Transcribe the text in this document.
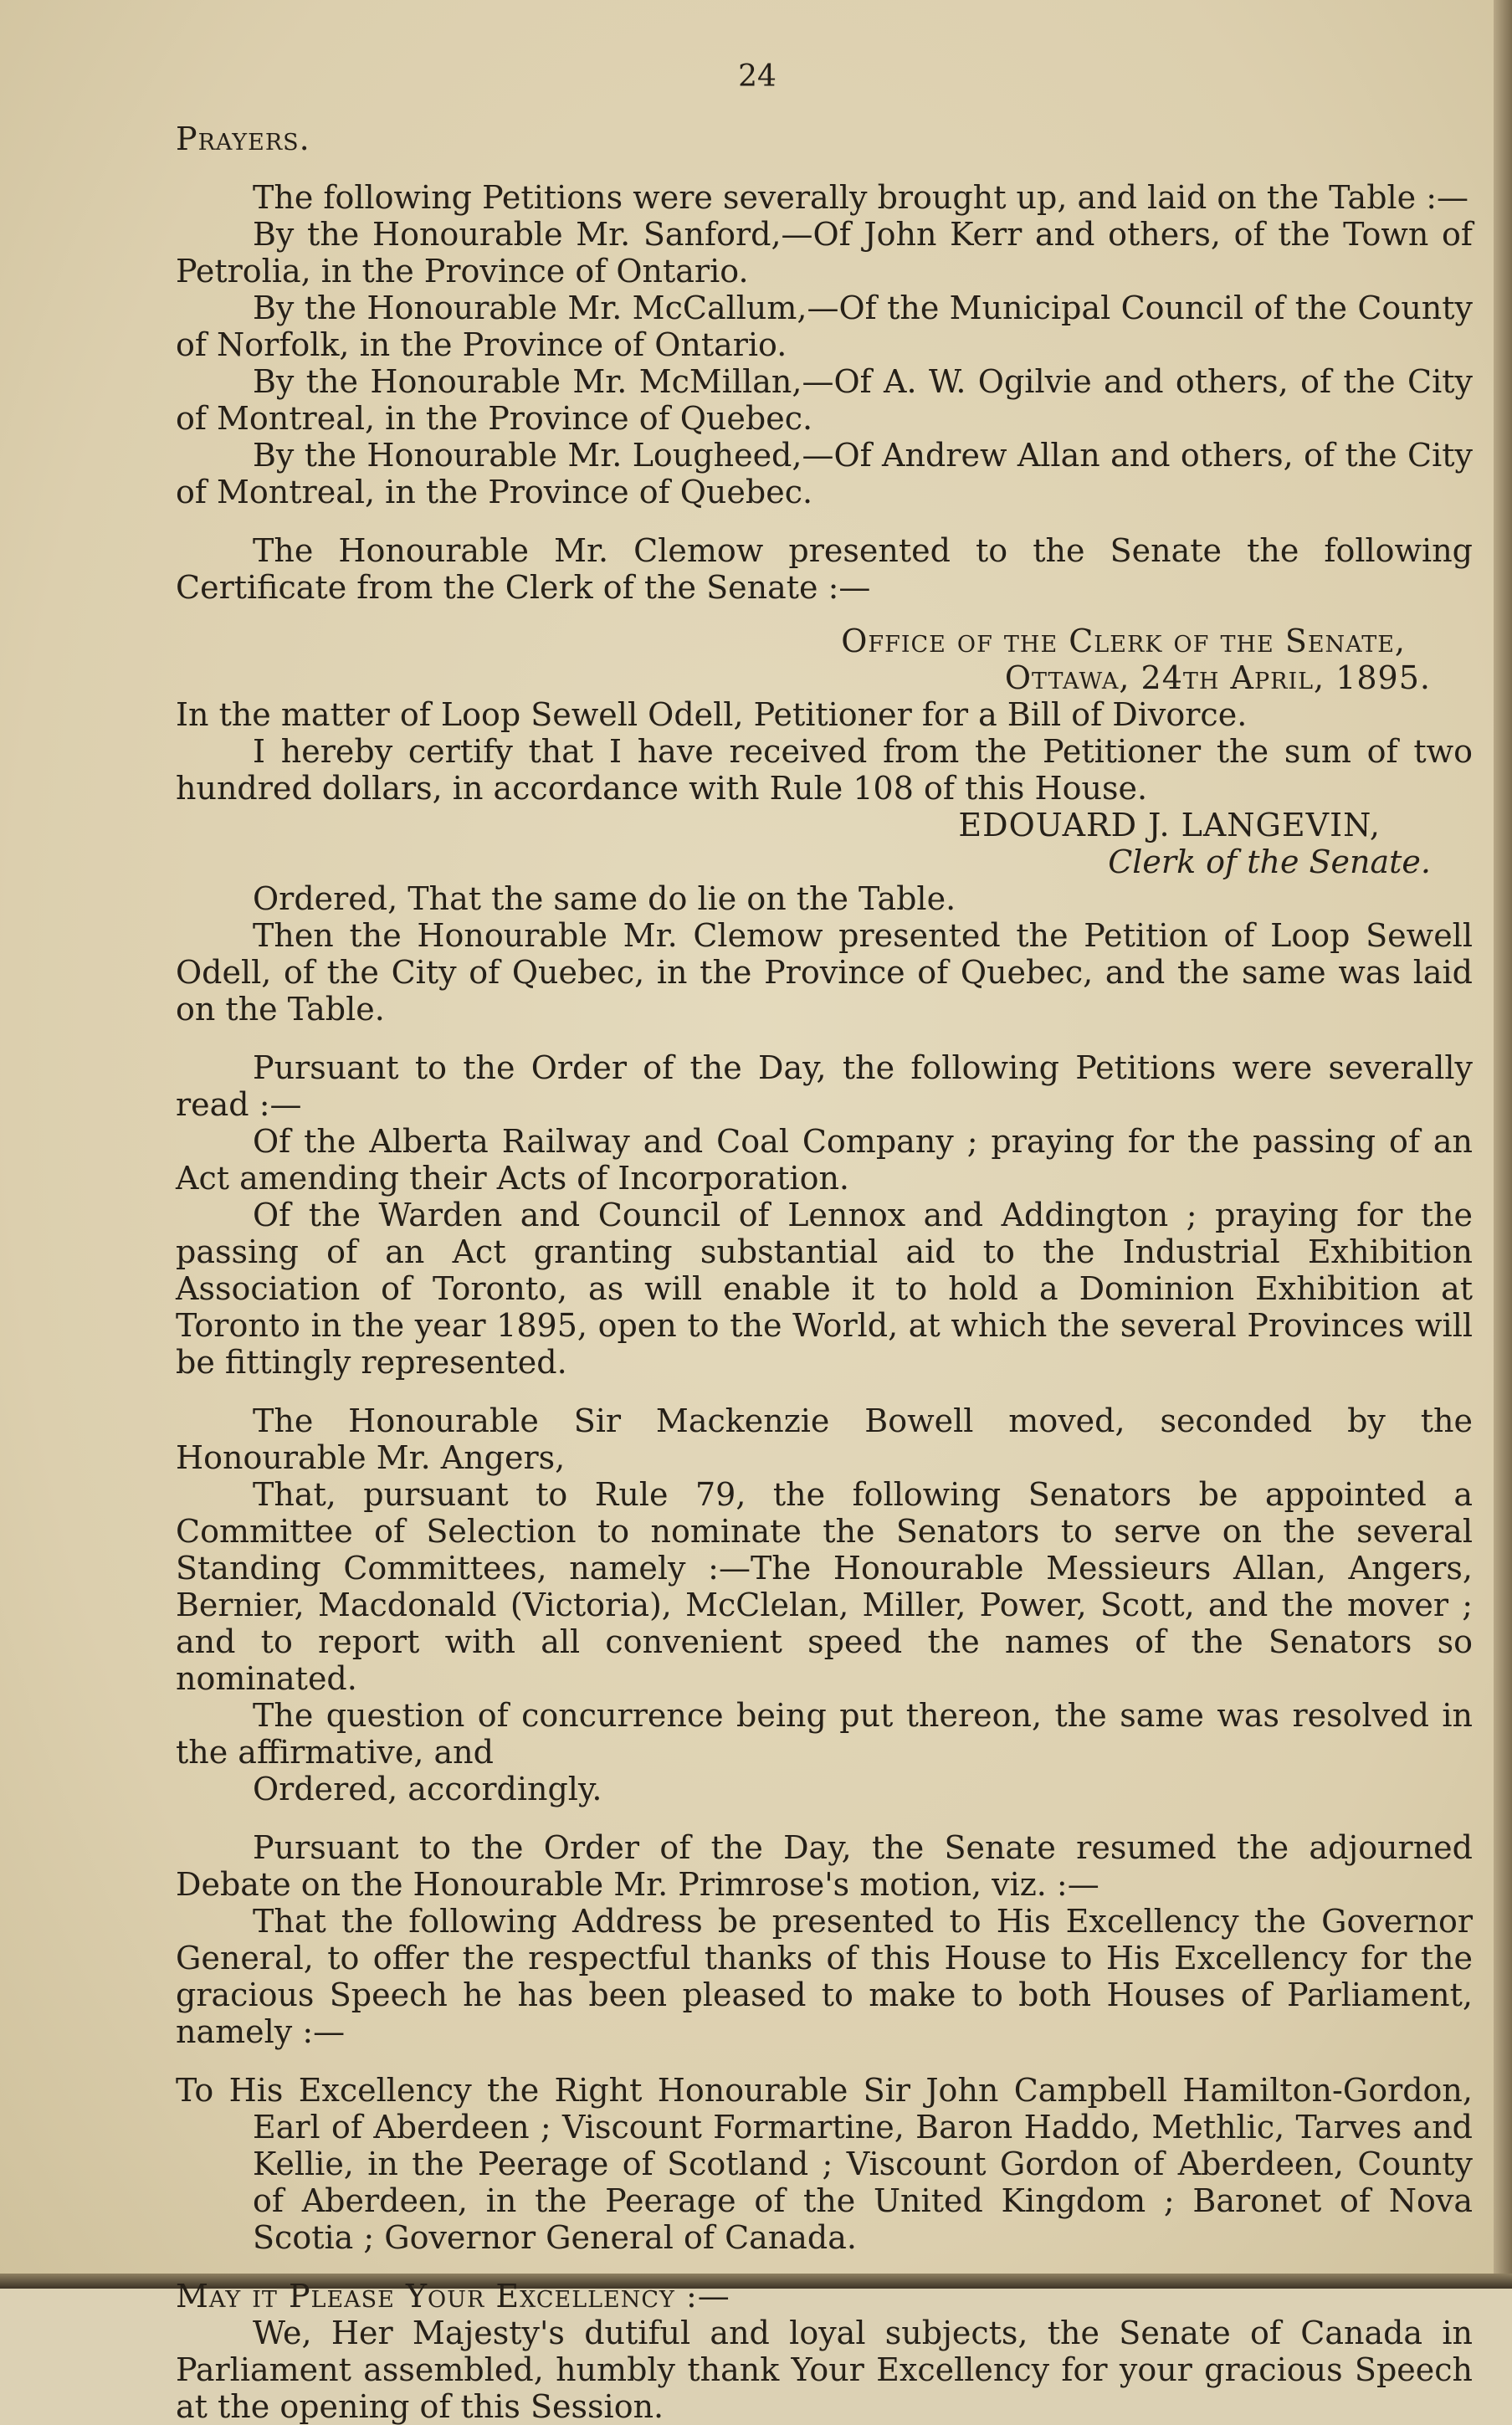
24

Prayers.

The following Petitions were severally brought up, and laid on the Table :—

By the Honourable Mr. Sanford,—Of John Kerr and others, of the Town of Petrolia, in the Province of Ontario.

By the Honourable Mr. McCallum,—Of the Municipal Council of the County of Norfolk, in the Province of Ontario.

By the Honourable Mr. McMillan,—Of A. W. Ogilvie and others, of the City of Montreal, in the Province of Quebec.

By the Honourable Mr. Lougheed,—Of Andrew Allan and others, of the City of Montreal, in the Province of Quebec.

The Honourable Mr. Clemow presented to the Senate the following Certificate from the Clerk of the Senate :—

Office of the Clerk of the Senate,

Ottawa, 24th April, 1895.

In the matter of Loop Sewell Odell, Petitioner for a Bill of Divorce.

I hereby certify that I have received from the Petitioner the sum of two hundred dollars, in accordance with Rule 108 of this House.

EDOUARD J. LANGEVIN,

Clerk of the Senate.

Ordered, That the same do lie on the Table.

Then the Honourable Mr. Clemow presented the Petition of Loop Sewell Odell, of the City of Quebec, in the Province of Quebec, and the same was laid on the Table.

Pursuant to the Order of the Day, the following Petitions were severally read :—

Of the Alberta Railway and Coal Company ; praying for the passing of an Act amending their Acts of Incorporation.

Of the Warden and Council of Lennox and Addington ; praying for the passing of an Act granting substantial aid to the Industrial Exhibition Association of Toronto, as will enable it to hold a Dominion Exhibition at Toronto in the year 1895, open to the World, at which the several Provinces will be fittingly represented.

The Honourable Sir Mackenzie Bowell moved, seconded by the Honourable Mr. Angers,

That, pursuant to Rule 79, the following Senators be appointed a Committee of Selection to nominate the Senators to serve on the several Standing Committees, namely :—The Honourable Messieurs Allan, Angers, Bernier, Macdonald (Victoria), McClelan, Miller, Power, Scott, and the mover ; and to report with all convenient speed the names of the Senators so nominated.

The question of concurrence being put thereon, the same was resolved in the affirmative, and

Ordered, accordingly.

Pursuant to the Order of the Day, the Senate resumed the adjourned Debate on the Honourable Mr. Primrose's motion, viz. :—

That the following Address be presented to His Excellency the Governor General, to offer the respectful thanks of this House to His Excellency for the gracious Speech he has been pleased to make to both Houses of Parliament, namely :—

To His Excellency the Right Honourable Sir John Campbell Hamilton-Gordon, Earl of Aberdeen ; Viscount Formartine, Baron Haddo, Methlic, Tarves and Kellie, in the Peerage of Scotland ; Viscount Gordon of Aberdeen, County of Aberdeen, in the Peerage of the United Kingdom ; Baronet of Nova Scotia ; Governor General of Canada.

May it Please Your Excellency :—

We, Her Majesty's dutiful and loyal subjects, the Senate of Canada in Parliament assembled, humbly thank Your Excellency for your gracious Speech at the opening of this Session.
